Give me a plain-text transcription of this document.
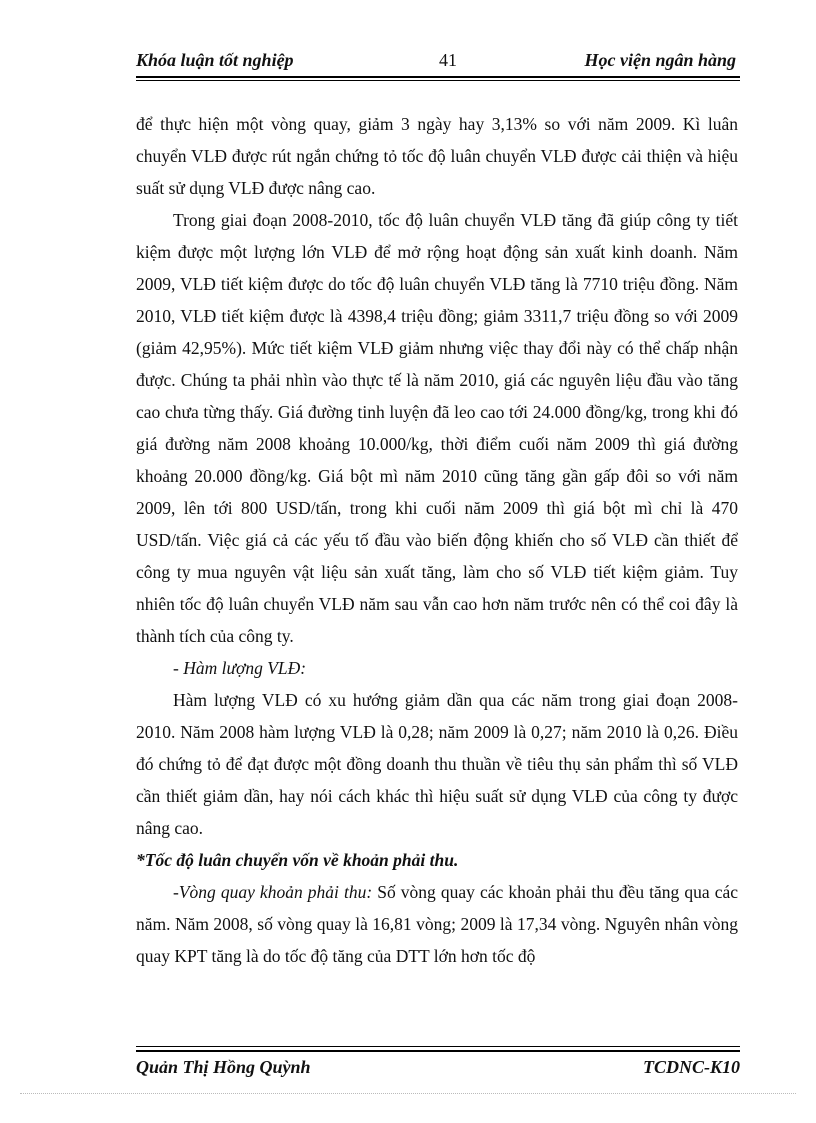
Khóa luận tốt nghiệp	41	Học viện ngân hàng

để thực hiện một vòng quay, giảm 3 ngày hay 3,13% so với năm 2009. Kì luân chuyển VLĐ được rút ngắn chứng tỏ tốc độ luân chuyển VLĐ được cải thiện và hiệu suất sử dụng VLĐ được nâng cao.

Trong giai đoạn 2008-2010, tốc độ luân chuyển VLĐ tăng đã giúp công ty tiết kiệm được một lượng lớn VLĐ để mở rộng hoạt động sản xuất kinh doanh. Năm 2009, VLĐ tiết kiệm được do tốc độ luân chuyển VLĐ tăng là 7710 triệu đồng. Năm 2010, VLĐ tiết kiệm được là 4398,4 triệu đồng; giảm 3311,7 triệu đồng so với 2009 (giảm 42,95%). Mức tiết kiệm VLĐ giảm nhưng việc thay đổi này có thể chấp nhận được. Chúng ta phải nhìn vào thực tế là năm 2010, giá các nguyên liệu đầu vào tăng cao chưa từng thấy. Giá đường tinh luyện đã leo cao tới 24.000 đồng/kg, trong khi đó giá đường năm 2008 khoảng 10.000/kg, thời điểm cuối năm 2009 thì giá đường khoảng 20.000 đồng/kg. Giá bột mì năm 2010 cũng tăng gần gấp đôi so với năm 2009, lên tới 800 USD/tấn, trong khi cuối năm 2009 thì giá bột mì chỉ là 470 USD/tấn. Việc giá cả các yếu tố đầu vào biến động khiến cho số VLĐ cần thiết để công ty mua nguyên vật liệu sản xuất tăng, làm cho số VLĐ tiết kiệm giảm. Tuy nhiên tốc độ luân chuyển VLĐ năm sau vẫn cao hơn năm trước nên có thể coi đây là thành tích của công ty.

- Hàm lượng VLĐ:

Hàm lượng VLĐ có xu hướng giảm dần qua các năm trong giai đoạn 2008- 2010. Năm 2008 hàm lượng VLĐ là 0,28; năm 2009 là 0,27; năm 2010 là 0,26. Điều đó chứng tỏ để đạt được một đồng doanh thu thuần về tiêu thụ sản phẩm thì số VLĐ cần thiết giảm dần, hay nói cách khác thì hiệu suất sử dụng VLĐ của công ty được nâng cao.

*Tốc độ luân chuyển vốn về khoản phải thu.

-Vòng quay khoản phải thu: Số vòng quay các khoản phải thu đều tăng qua các năm. Năm 2008, số vòng quay là 16,81 vòng; 2009 là 17,34 vòng. Nguyên nhân vòng quay KPT tăng là do tốc độ tăng của DTT lớn hơn tốc độ

Quản Thị Hồng Quỳnh	TCDNC-K10
